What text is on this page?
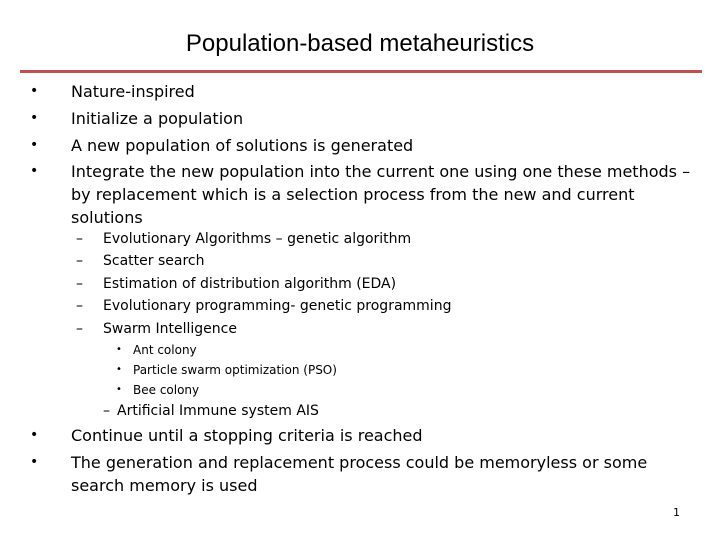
Population-based metaheuristics
• Nature-inspired
• Initialize a population
• A new population of solutions is generated
• Integrate the new population into the current one using one these methods – by replacement which is a selection process from the new and current solutions
– Evolutionary Algorithms – genetic algorithm
– Scatter search
– Estimation of distribution algorithm (EDA)
– Evolutionary programming- genetic programming
– Swarm Intelligence
• Ant colony
• Particle swarm optimization (PSO)
• Bee colony
– Artificial Immune system AIS
• Continue until a stopping criteria is reached
• The generation and replacement process could be memoryless or some search memory is used
1
